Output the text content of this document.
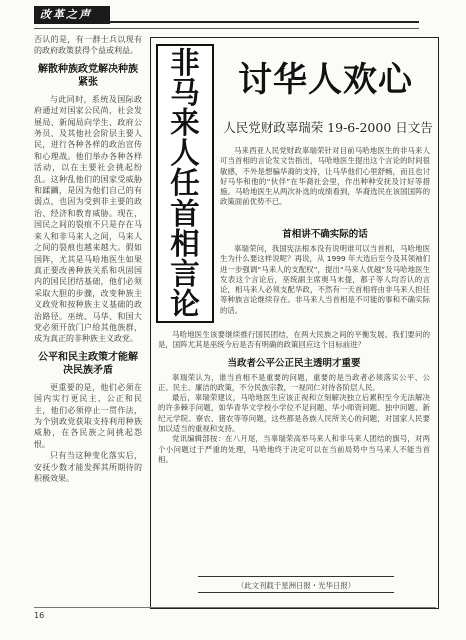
改革之声

否认的是，有一群士兵以现有的政府政策获得个益或利益。

解散种族政党解决种族紧张

与此同时，系统及国际政府通过对国家公民尚，社会发展局、新闻局向学生、政府公务员、及其他社会阶层主要人民，进行各种各样的政治宣传和心理战。他们举办各种各样活动，以在主要社会挑起纷乱。这种乱他们的国家受威胁和蹂躏，是因为他们自己的有弱点，也因为受到非主要的政治、经济和教育威胁。现在，国民之间的裂痕不只是存在马来人和非马来人之间，马来人之间的裂痕也越来越大。假如国阵，尤其是马哈地医生如果真正要改善种族关系和巩固国内的国民团结基础，他们必须采取大胆的步骤，改变种族主义政党和按种族主义基础的政治路径。巫统、马华、和国大党必须开放门户给其他族群，成为真正的非种族主义政党。

公平和民主政策才能解决民族矛盾

更重要的是，他们必须在国内实行更民主、公正和民主，他们必须停止一贯作法，为个别政党获取支持利用种族威胁，在各民族之间挑起怨恨。

只有当这种变化落实后，安抚少数才能发挥其所期待的积极效果。

非
马
来
人
任
首
相
言
论
讨华人欢心
人民党财政辜瑞荣 19-6-2000 日文告

马来西亚人民党财政辜瑞荣针对目前马哈地医生的非马来人可当首相的言论发文告指出，马哈地医生提出这个言论的时间很敏感，不外是想骗华裔的支持，让马华他们心里舒畅，而且也讨好马华和他的“伙伴”在华裔社会里，作出种种安抚及讨好等措施。马哈地医生从两次补选的成绩看到，华裔选民在该国国阵的政策面前优势不已。

首相讲不确实际的话

辜瑞荣问，我国宪法根本没有说明谁可以当首相，马哈地医生为什么要这样说呢？再说，从 1999 年大选后至今及其领袖们进一步强调“马来人的支配权”，提出“马来人优越”及马哈地医生发表这个言论后，巫统副主席奥马末提，都子等人均否认的言论，相马来人必须支配华政，不然有一天首相将由非马来人担任等种族言论继续存在。非马来人当首相是不可能的事和不确实际的话。

马哈地医生该要继续推行国民团结，在两大民族之间的平衡发展。我们要问的是，国阵尤其是巫统今后是否有明确的政策回应这个目标前进？

当政者公平公正民主透明才重要

辜瑞荣认为，谁当首相不是重要的问题，重要的是当政者必须落实公平、公正、民主、廉洁的政策，不分民族宗教，一视同仁对待各阶层人民。

最后，辜瑞荣建议，马哈地医生应该正视和立刻解决独立后累积至今无法解决的许多棘手问题，如华青华文学校小学位不足问题、华小师资问题、独中问题、新纪元学院、寮农、猪农等等问题，这些都是各族人民所关心的问题，对国家人民要加以适当的重视和支持。

党讯编辑部按：在八月尾，当辜瑞荣高举马来人和非马来人团结的旗号，对两个小问题过于严重的处理，马哈地终于决定可以在当前局势中当马来人不能当首相。

（此文刊载于星洲日报・光华日报）
16
